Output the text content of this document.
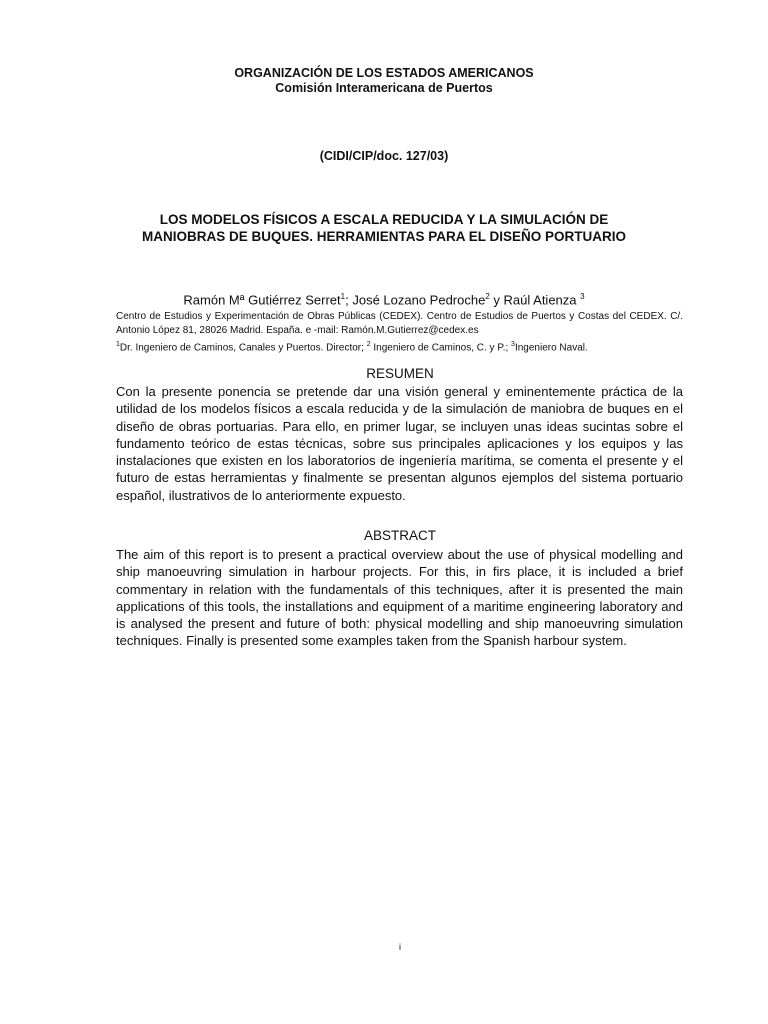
ORGANIZACIÓN DE LOS ESTADOS AMERICANOS
Comisión Interamericana de Puertos
(CIDI/CIP/doc. 127/03)
LOS MODELOS FÍSICOS A ESCALA REDUCIDA Y LA SIMULACIÓN DE
MANIOBRAS DE BUQUES. HERRAMIENTAS PARA EL DISEÑO PORTUARIO
Ramón Mª Gutiérrez Serret$^1$; José Lozano Pedroche$^2$ y Raúl Atienza $^3$
Centro de Estudios y Experimentación de Obras Públicas (CEDEX). Centro de Estudios de Puertos y Costas del CEDEX. C/. Antonio López 81, 28026 Madrid. España. e -mail: Ramón.M.Gutierrez@cedex.es
$^1$Dr. Ingeniero de Caminos, Canales y Puertos. Director; $^2$ Ingeniero de Caminos, C. y P.; $^3$Ingeniero Naval.
RESUMEN
Con la presente ponencia se pretende dar una visión general y eminentemente práctica de la utilidad de los modelos físicos a escala reducida y de la simulación de maniobra de buques en el diseño de obras portuarias. Para ello, en primer lugar, se incluyen unas ideas sucintas sobre el fundamento teórico de estas técnicas, sobre sus principales aplicaciones y los equipos y las instalaciones que existen en los laboratorios de ingeniería marítima, se comenta el presente y el futuro de estas herramientas y finalmente se presentan algunos ejemplos del sistema portuario español, ilustrativos de lo anteriormente expuesto.
ABSTRACT
The aim of this report is to present a practical overview about the use of physical modelling and ship manoeuvring simulation in harbour projects. For this, in firs place, it is included a brief commentary in relation with the fundamentals of this techniques, after it is presented the main applications of this tools, the installations and equipment of a maritime engineering laboratory and is analysed the present and future of both: physical modelling and ship manoeuvring simulation techniques. Finally is presented some examples taken from the Spanish harbour system.
i
